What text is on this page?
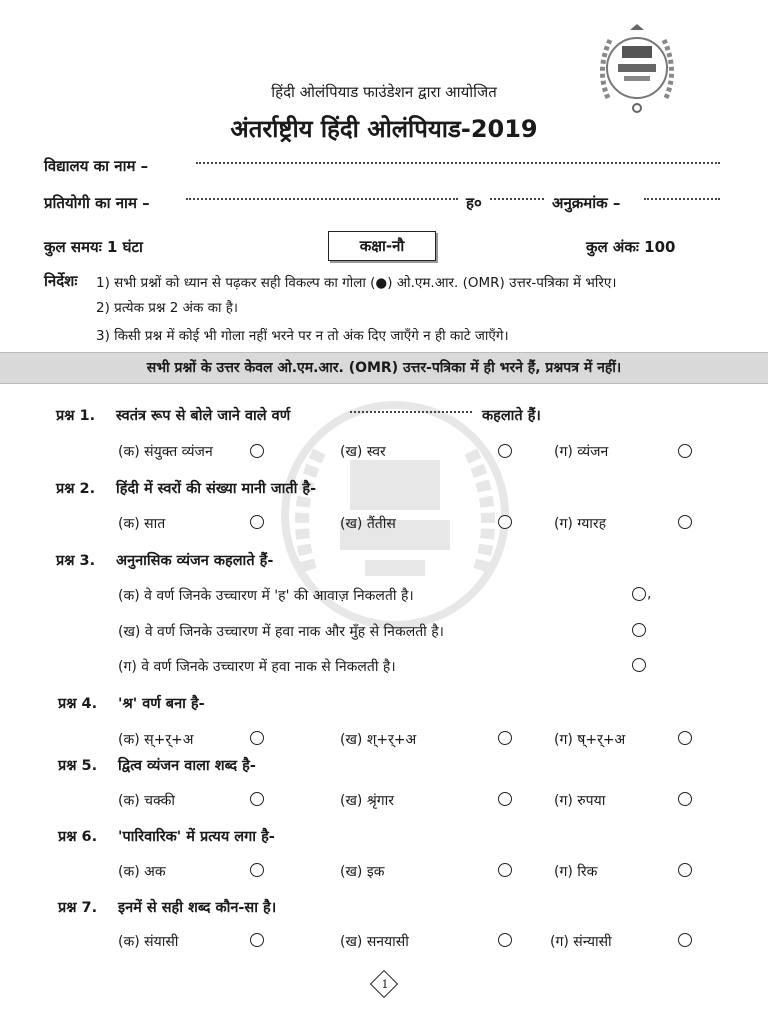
हिंदी ओलंपियाड फाउंडेशन द्वारा आयोजित
अंतर्राष्ट्रीय हिंदी ओलंपियाड-2019
विद्यालय का नाम –
प्रतियोगी का नाम –	ह०	अनुक्रमांक –
कुल समयः 1 घंटा	कक्षा-नौ	कुल अंकः 100
निर्देशः 1) सभी प्रश्नों को ध्यान से पढ़कर सही विकल्प का गोला (●) ओ.एम.आर. (OMR) उत्तर-पत्रिका में भरिए।
2) प्रत्येक प्रश्न 2 अंक का है।
3) किसी प्रश्न में कोई भी गोला नहीं भरने पर न तो अंक दिए जाएँगे न ही काटे जाएँगे।
सभी प्रश्नों के उत्तर केवल ओ.एम.आर. (OMR) उत्तर-पत्रिका में ही भरने हैं, प्रश्नपत्र में नहीं।
प्रश्न 1. स्वतंत्र रूप से बोले जाने वाले वर्ण	कहलाते हैं।
(क) संयुक्त व्यंजन	(ख) स्वर	(ग) व्यंजन
प्रश्न 2. हिंदी में स्वरों की संख्या मानी जाती है-
(क) सात	(ख) तैंतीस	(ग) ग्यारह
प्रश्न 3. अनुनासिक व्यंजन कहलाते हैं-
(क) वे वर्ण जिनके उच्चारण में 'ह' की आवाज़ निकलती है।	,
(ख) वे वर्ण जिनके उच्चारण में हवा नाक और मुँह से निकलती है।
(ग) वे वर्ण जिनके उच्चारण में हवा नाक से निकलती है।
प्रश्न 4. 'श्र' वर्ण बना है-
(क) स्+र्+अ	(ख) श्+र्+अ	(ग) ष्+र्+अ
प्रश्न 5. द्वित्व व्यंजन वाला शब्द है-
(क) चक्की	(ख) श्रृंगार	(ग) रुपया
प्रश्न 6. 'पारिवारिक' में प्रत्यय लगा है-
(क) अक	(ख) इक	(ग) रिक
प्रश्न 7. इनमें से सही शब्द कौन-सा है।
(क) संयासी	(ख) सनयासी	(ग) संन्यासी
1
